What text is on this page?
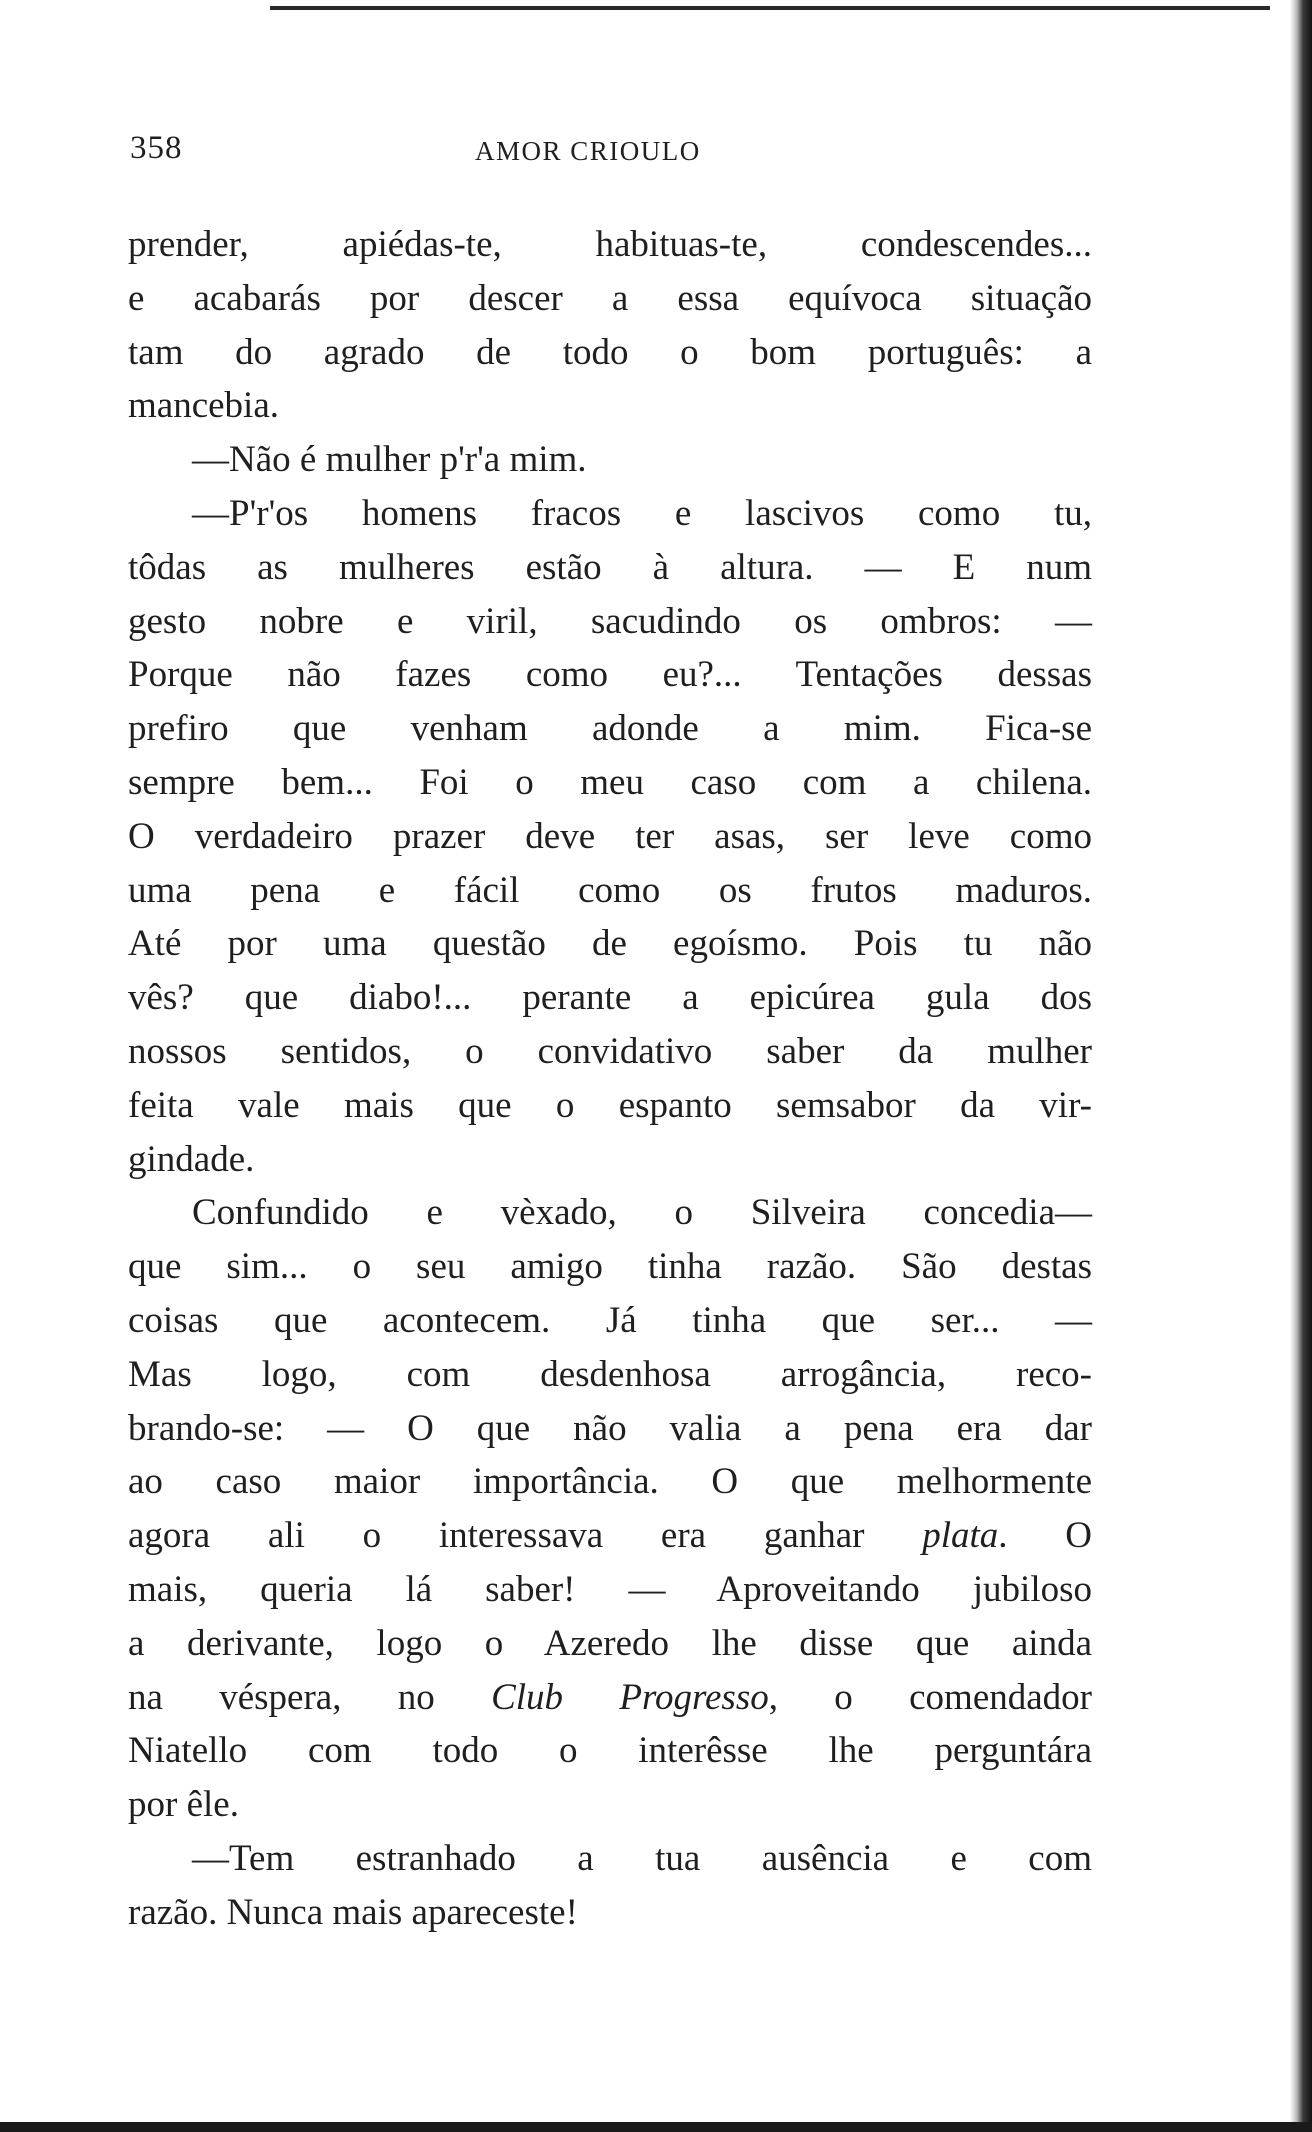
358	AMOR CRIOULO
prender, apiédas-te, habituas-te, condescendes...
e acabarás por descer a essa equívoca situação
tam do agrado de todo o bom português: a
mancebia.
—Não é mulher p'r'a mim.
—P'r'os homens fracos e lascivos como tu,
tôdas as mulheres estão à altura. — E num
gesto nobre e viril, sacudindo os ombros: —
Porque não fazes como eu?... Tentações dessas
prefiro que venham adonde a mim. Fica-se
sempre bem... Foi o meu caso com a chilena.
O verdadeiro prazer deve ter asas, ser leve como
uma pena e fácil como os frutos maduros.
Até por uma questão de egoísmo. Pois tu não
vês? que diabo!... perante a epicúrea gula dos
nossos sentidos, o convidativo saber da mulher
feita vale mais que o espanto semsabor da vir-
gindade.
Confundido e vèxado, o Silveira concedia—
que sim... o seu amigo tinha razão. São destas
coisas que acontecem. Já tinha que ser... —
Mas logo, com desdenhosa arrogância, reco-
brando-se: — O que não valia a pena era dar
ao caso maior importância. O que melhormente
agora ali o interessava era ganhar plata. O
mais, queria lá saber! — Aproveitando jubiloso
a derivante, logo o Azeredo lhe disse que ainda
na véspera, no Club Progresso, o comendador
Niatello com todo o interêsse lhe perguntára
por êle.
—Tem estranhado a tua ausência e com
razão. Nunca mais apareceste!
